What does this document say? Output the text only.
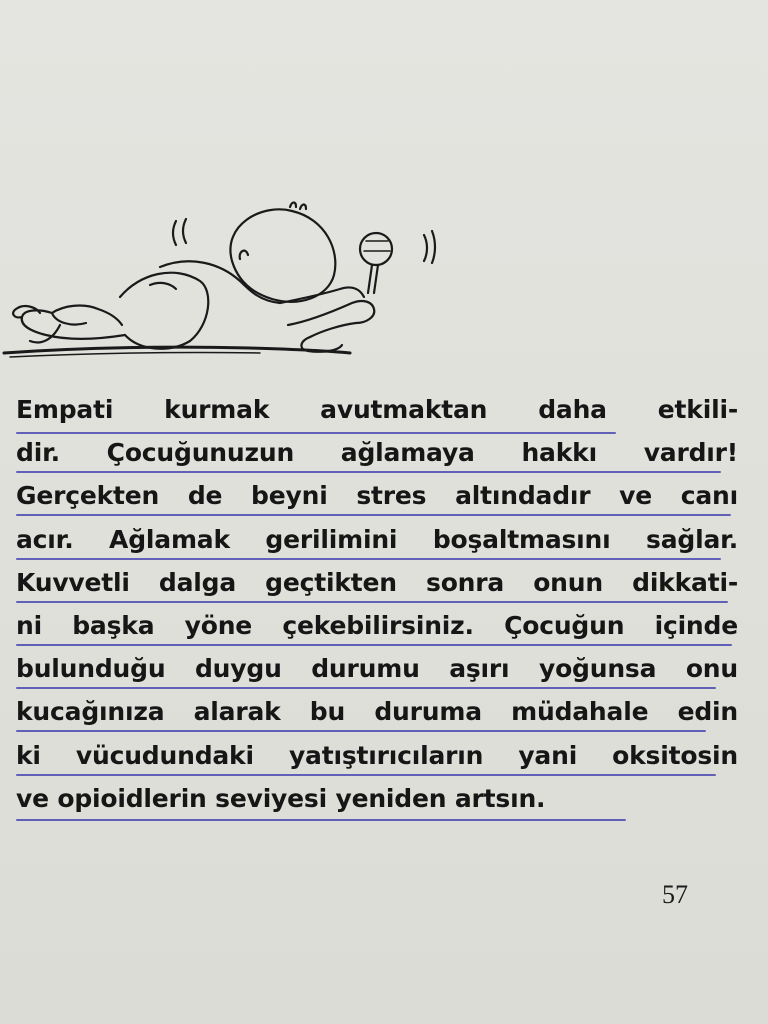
Empati kurmak avutmaktan daha etkili-
dir. Çocuğunuzun ağlamaya hakkı vardır!
Gerçekten de beyni stres altındadır ve canı
acır. Ağlamak gerilimini boşaltmasını sağlar.
Kuvvetli dalga geçtikten sonra onun dikkati-
ni başka yöne çekebilirsiniz. Çocuğun içinde
bulunduğu duygu durumu aşırı yoğunsa onu
kucağınıza alarak bu duruma müdahale edin
ki vücudundaki yatıştırıcıların yani oksitosin
ve opioidlerin seviyesi yeniden artsın.
57
